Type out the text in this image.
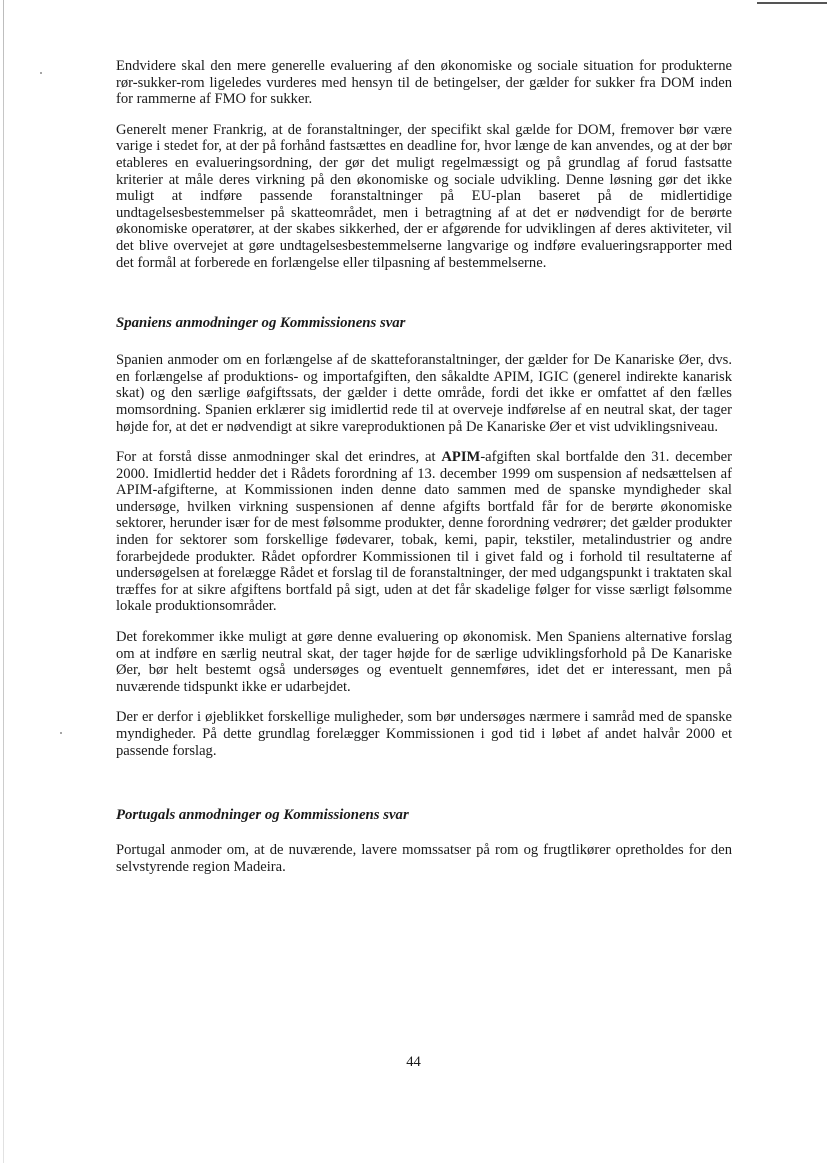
Endvidere skal den mere generelle evaluering af den økonomiske og sociale situation for produkterne rør-sukker-rom ligeledes vurderes med hensyn til de betingelser, der gælder for sukker fra DOM inden for rammerne af FMO for sukker.

Generelt mener Frankrig, at de foranstaltninger, der specifikt skal gælde for DOM, fremover bør være varige i stedet for, at der på forhånd fastsættes en deadline for, hvor længe de kan anvendes, og at der bør etableres en evalueringsordning, der gør det muligt regelmæssigt og på grundlag af forud fastsatte kriterier at måle deres virkning på den økonomiske og sociale udvikling. Denne løsning gør det ikke muligt at indføre passende foranstaltninger på EU-plan baseret på de midlertidige undtagelsesbestemmelser på skatteområdet, men i betragtning af at det er nødvendigt for de berørte økonomiske operatører, at der skabes sikkerhed, der er afgørende for udviklingen af deres aktiviteter, vil det blive overvejet at gøre undtagelsesbestemmelserne langvarige og indføre evalueringsrapporter med det formål at forberede en forlængelse eller tilpasning af bestemmelserne.

Spaniens anmodninger og Kommissionens svar

Spanien anmoder om en forlængelse af de skatteforanstaltninger, der gælder for De Kanariske Øer, dvs. en forlængelse af produktions- og importafgiften, den såkaldte APIM, IGIC (generel indirekte kanarisk skat) og den særlige øafgiftssats, der gælder i dette område, fordi det ikke er omfattet af den fælles momsordning. Spanien erklærer sig imidlertid rede til at overveje indførelse af en neutral skat, der tager højde for, at det er nødvendigt at sikre vareproduktionen på De Kanariske Øer et vist udviklingsniveau.

For at forstå disse anmodninger skal det erindres, at APIM-afgiften skal bortfalde den 31. december 2000. Imidlertid hedder det i Rådets forordning af 13. december 1999 om suspension af nedsættelsen af APIM-afgifterne, at Kommissionen inden denne dato sammen med de spanske myndigheder skal undersøge, hvilken virkning suspensionen af denne afgifts bortfald får for de berørte økonomiske sektorer, herunder især for de mest følsomme produkter, denne forordning vedrører; det gælder produkter inden for sektorer som forskellige fødevarer, tobak, kemi, papir, tekstiler, metalindustrier og andre forarbejdede produkter. Rådet opfordrer Kommissionen til i givet fald og i forhold til resultaterne af undersøgelsen at forelægge Rådet et forslag til de foranstaltninger, der med udgangspunkt i traktaten skal træffes for at sikre afgiftens bortfald på sigt, uden at det får skadelige følger for visse særligt følsomme lokale produktionsområder.

Det forekommer ikke muligt at gøre denne evaluering op økonomisk. Men Spaniens alternative forslag om at indføre en særlig neutral skat, der tager højde for de særlige udviklingsforhold på De Kanariske Øer, bør helt bestemt også undersøges og eventuelt gennemføres, idet det er interessant, men på nuværende tidspunkt ikke er udarbejdet.

Der er derfor i øjeblikket forskellige muligheder, som bør undersøges nærmere i samråd med de spanske myndigheder. På dette grundlag forelægger Kommissionen i god tid i løbet af andet halvår 2000 et passende forslag.

Portugals anmodninger og Kommissionens svar

Portugal anmoder om, at de nuværende, lavere momssatser på rom og frugtlikører opretholdes for den selvstyrende region Madeira.

44
